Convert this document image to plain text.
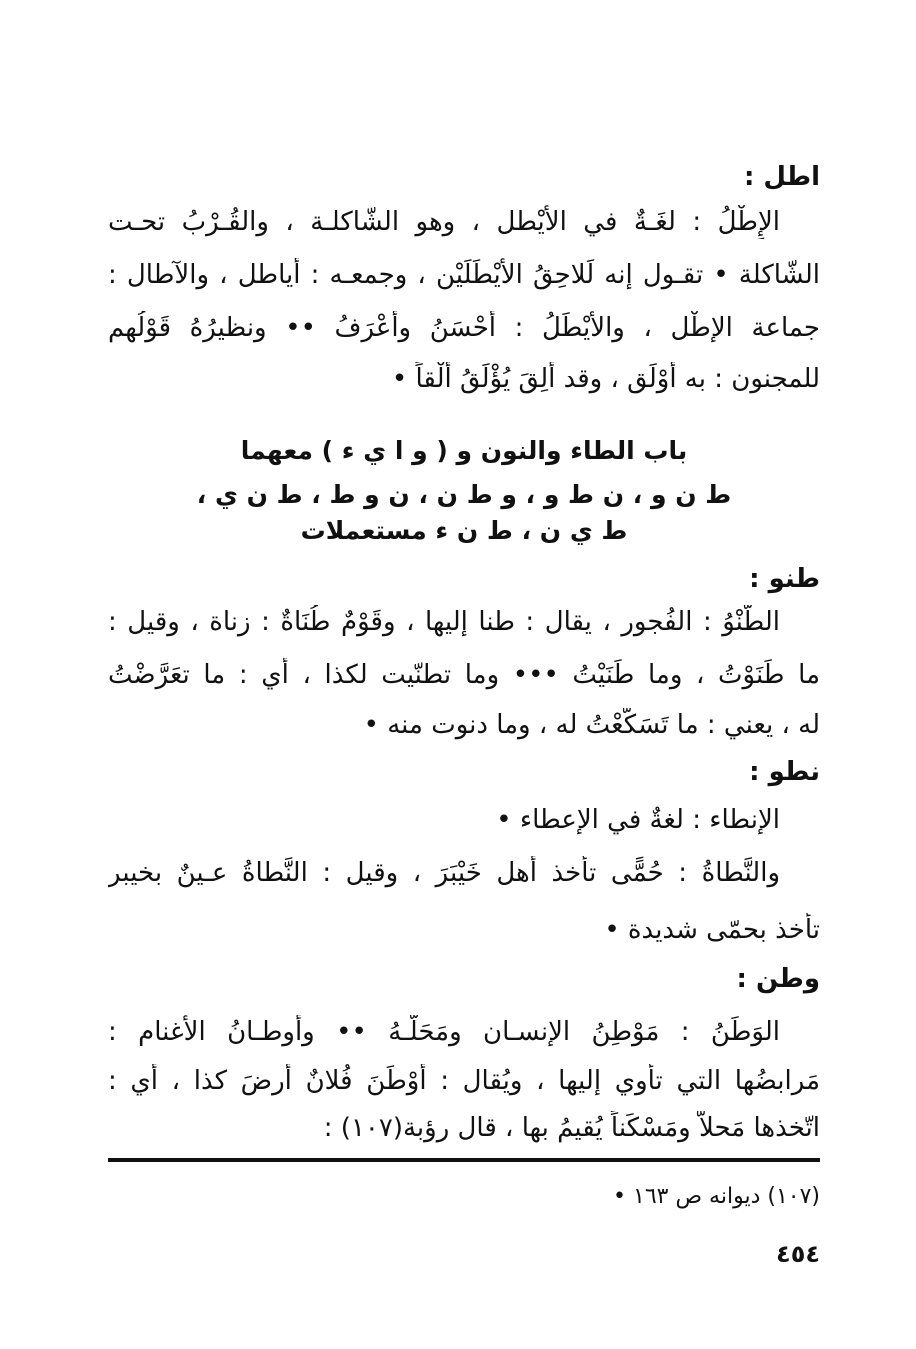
اطل :
الإِطْلُ : لغَـةٌ في الأَيْطل ، وهو الشّاكلـة ، والقُـرْبُ تحـت
الشّاكلة • تقـول إنه لَلاحِقُ الأَيْطَلَيْن ، وجمعـه : أياطل ، والآطال :
جماعة الإطْل ، والأَيْطَلُ : أَحْسَنُ وأَعْرَفُ •• ونظيرُهُ قَوْلُهم
للمجنون : به أَوْلَق ، وقد أُلِقَ يُؤْلَقُ أَلْقاً •
باب الطاء والنون و ( و ا ي ء ) معهما
ط ن و ، ن ط و ، و ط ن ، ن و ط ، ط ن ي ،
ط ي ن ، ط ن ء مستعملات
طنو :
الطَّنْوُ : الفُجور ، يقال : طنا إليها ، وقَوْمٌ طُنَاةٌ : زناة ، وقيل :
ما طَنَوْتُ ، وما طَنَيْتُ ••• وما تطنّيت لكذا ، أي : ما تعَرَّضْتُ
له ، يعني : ما تَسَكَّعْتُ له ، وما دنوت منه •
نطو :
الإنطاء : لغةٌ في الإعطاء •
والنَّطاةُ : حُمًّى تأخذ أهل خَيْبَرَ ، وقيل : النَّطاةُ عـينٌ بخيبر
تأخذ بحمّى شديدة •
وطن :
الوَطَنُ : مَوْطِنُ الإنسـان ومَحَلّـهُ •• وأوطـانُ الأغنام :
مَرابضُها التي تأوي إليها ، ويُقال : أَوْطَنَ فُلانٌ أرضَ كذا ، أي :
اتّخذها مَحلاًّ ومَسْكَناً يُقيمُ بها ، قال رؤبة(١٠٧) :
(١٠٧) ديوانه ص ١٦٣ •
٤٥٤
